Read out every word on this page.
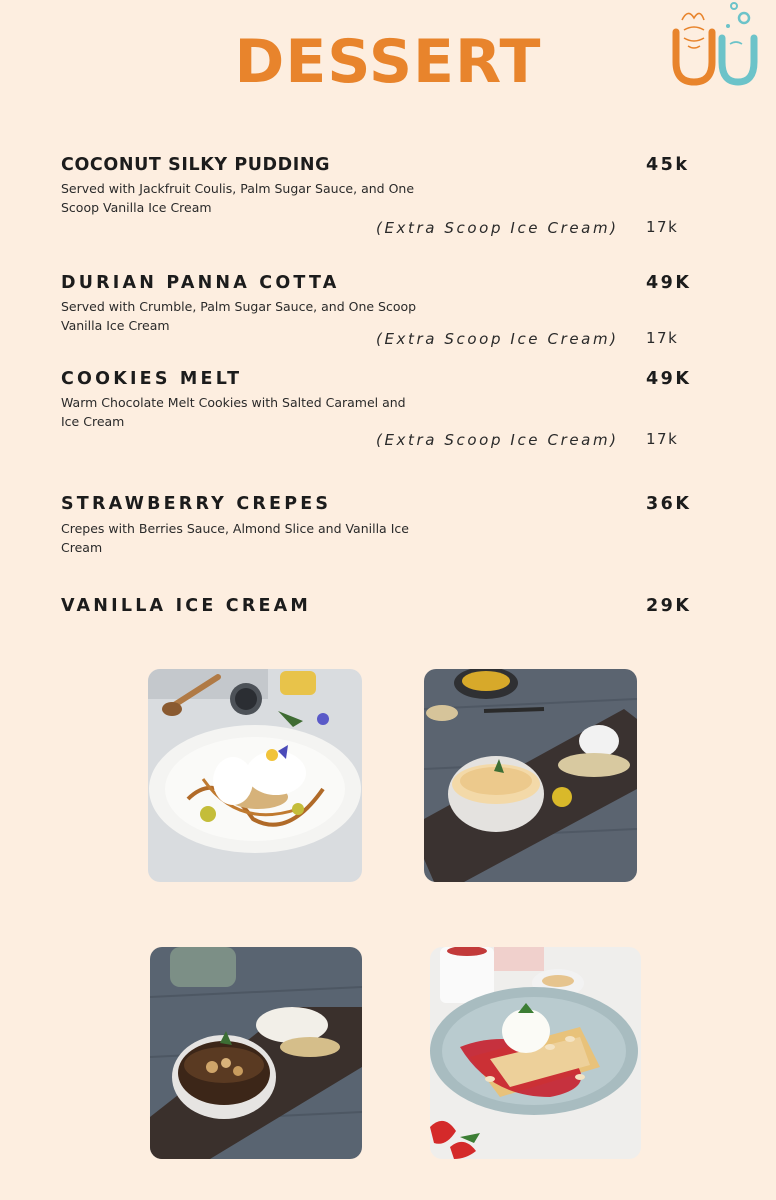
DESSERT
COCONUT SILKY PUDDING	45k

Served with Jackfruit Coulis, Palm Sugar Sauce, and One Scoop Vanilla Ice Cream

(Extra Scoop Ice Cream) 17k
DURIAN PANNA COTTA	49K

Served with Crumble, Palm Sugar Sauce, and One Scoop Vanilla Ice Cream

(Extra Scoop Ice Cream) 17k
COOKIES MELT	49K

Warm Chocolate Melt Cookies with Salted Caramel and Ice Cream

(Extra Scoop Ice Cream) 17k
STRAWBERRY CREPES	36K

Crepes with Berries Sauce, Almond Slice and Vanilla Ice Cream

VANILLA ICE CREAM	29K
